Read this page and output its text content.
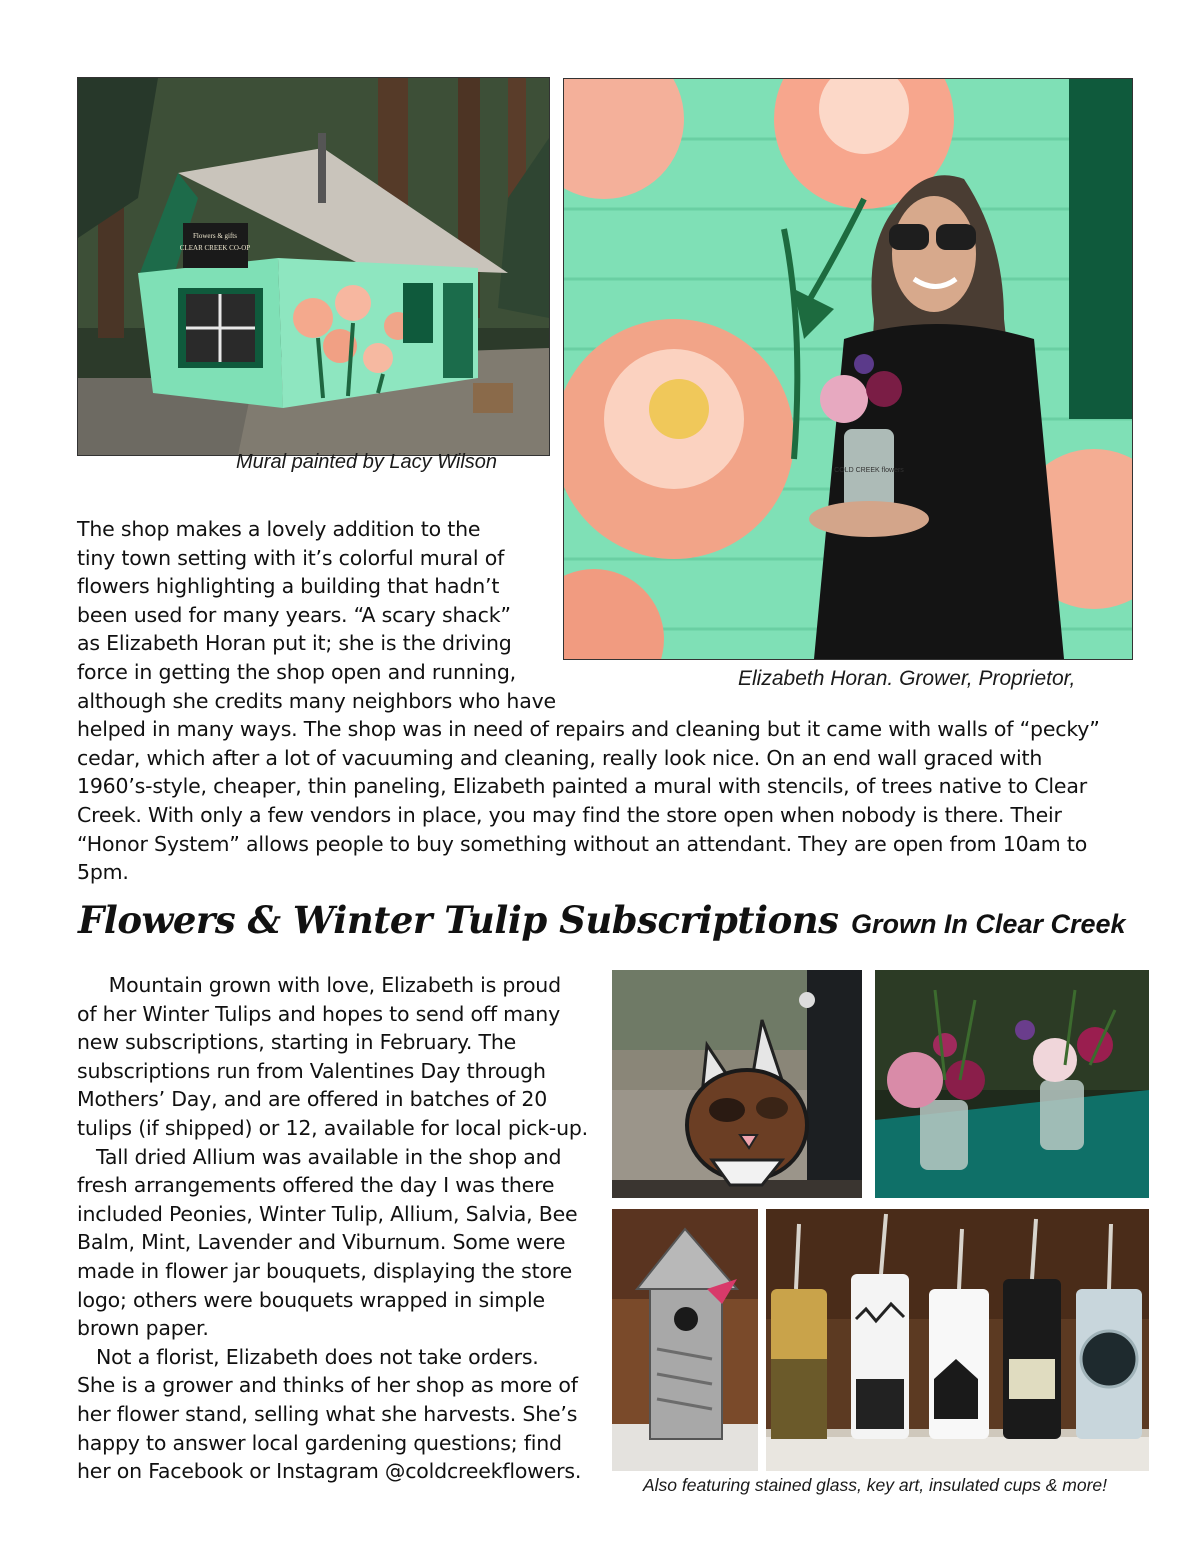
Flowers & gifts
CLEAR CREEK CO-OP
Mural painted by Lacy Wilson	COLD CREEK flowers
Elizabeth Horan. Grower, Proprietor,
The shop makes a lovely addition to the
tiny town setting with it’s colorful mural of
flowers highlighting a building that hadn’t
been used for many years. “A scary shack”
as Elizabeth Horan put it; she is the driving
force in getting the shop open and running,
although she credits many neighbors who have
helped in many ways. The shop was in need of repairs and cleaning but it came with walls of “pecky”
cedar, which after a lot of vacuuming and cleaning, really look nice. On an end wall graced with
1960’s-style, cheaper, thin paneling, Elizabeth painted a mural with stencils, of trees native to Clear
Creek. With only a few vendors in place, you may find the store open when nobody is there. Their
“Honor System” allows people to buy something without an attendant. They are open from 10am to
5pm.
Flowers & Winter Tulip Subscriptions Grown In Clear Creek
Mountain grown with love, Elizabeth is proud
of her Winter Tulips and hopes to send off many
new subscriptions, starting in February. The
subscriptions run from Valentines Day through
Mothers’ Day, and are offered in batches of 20
tulips (if shipped) or 12, available for local pick-up.
Tall dried Allium was available in the shop and
fresh arrangements offered the day I was there
included Peonies, Winter Tulip, Allium, Salvia, Bee
Balm, Mint, Lavender and Viburnum. Some were
made in flower jar bouquets, displaying the store
logo; others were bouquets wrapped in simple
brown paper.
Not a florist, Elizabeth does not take orders.
She is a grower and thinks of her shop as more of
her flower stand, selling what she harvests. She’s
happy to answer local gardening questions; find
her on Facebook or Instagram @coldcreekflowers.
Also featuring stained glass, key art, insulated cups & more!
